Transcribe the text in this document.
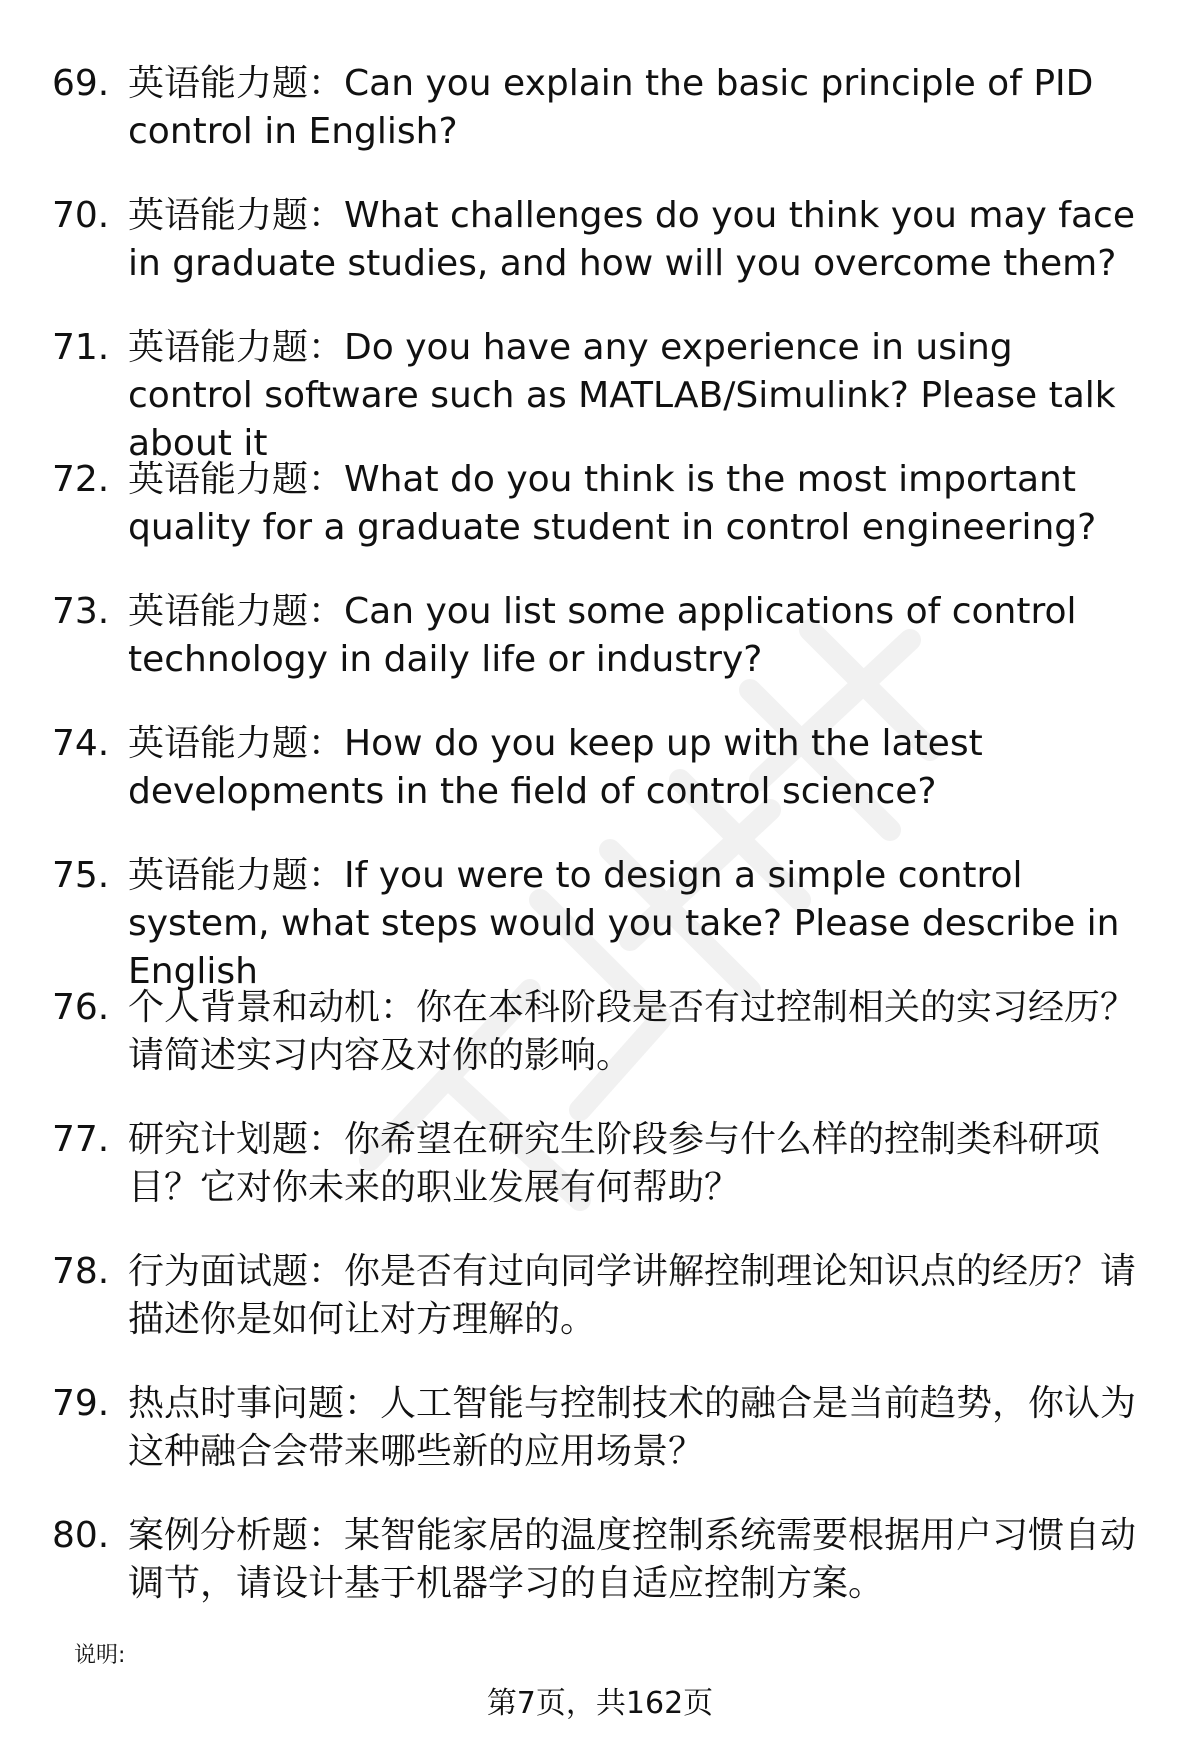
69. 英语能力题：Can you explain the basic principle of PID control in English?
70. 英语能力题：What challenges do you think you may face in graduate studies, and how will you overcome them?
71. 英语能力题：Do you have any experience in using control software such as MATLAB/Simulink? Please talk about it
72. 英语能力题：What do you think is the most important quality for a graduate student in control engineering?
73. 英语能力题：Can you list some applications of control technology in daily life or industry?
74. 英语能力题：How do you keep up with the latest developments in the field of control science?
75. 英语能力题：If you were to design a simple control system, what steps would you take? Please describe in English
76. 个人背景和动机：你在本科阶段是否有过控制相关的实习经历？请简述实习内容及对你的影响。
77. 研究计划题：你希望在研究生阶段参与什么样的控制类科研项目？它对你未来的职业发展有何帮助？
78. 行为面试题：你是否有过向同学讲解控制理论知识点的经历？请描述你是如何让对方理解的。
79. 热点时事问题：人工智能与控制技术的融合是当前趋势，你认为这种融合会带来哪些新的应用场景？
80. 案例分析题：某智能家居的温度控制系统需要根据用户习惯自动调节，请设计基于机器学习的自适应控制方案。
说明:
第7页，共162页
